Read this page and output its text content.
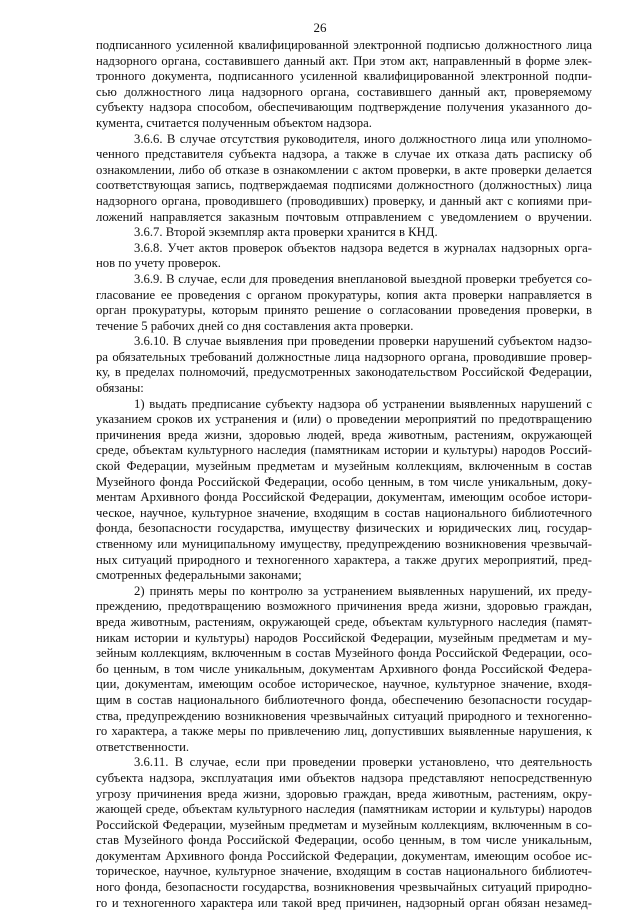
26
подписанного усиленной квалифицированной электронной подписью должностного лица
надзорного органа, составившего данный акт. При этом акт, направленный в форме элек-
тронного документа, подписанного усиленной квалифицированной электронной подпи-
сью должностного лица надзорного органа, составившего данный акт, проверяемому
субъекту надзора способом, обеспечивающим подтверждение получения указанного до-
кумента, считается полученным объектом надзора.
3.6.6. В случае отсутствия руководителя, иного должностного лица или уполномо-
ченного представителя субъекта надзора, а также в случае их отказа дать расписку об
ознакомлении, либо об отказе в ознакомлении с актом проверки, в акте проверки делается
соответствующая запись, подтверждаемая подписями должностного (должностных) лица
надзорного органа, проводившего (проводивших) проверку, и данный акт с копиями при-
ложений направляется заказным почтовым отправлением с уведомлением о вручении.
3.6.7. Второй экземпляр акта проверки хранится в КНД.
3.6.8. Учет актов проверок объектов надзора ведется в журналах надзорных орга-
нов по учету проверок.
3.6.9. В случае, если для проведения внеплановой выездной проверки требуется со-
гласование ее проведения с органом прокуратуры, копия акта проверки направляется в
орган прокуратуры, которым принято решение о согласовании проведения проверки, в
течение 5 рабочих дней со дня составления акта проверки.
3.6.10. В случае выявления при проведении проверки нарушений субъектом надзо-
ра обязательных требований должностные лица надзорного органа, проводившие провер-
ку, в пределах полномочий, предусмотренных законодательством Российской Федерации,
обязаны:
1) выдать предписание субъекту надзора об устранении выявленных нарушений с
указанием сроков их устранения и (или) о проведении мероприятий по предотвращению
причинения вреда жизни, здоровью людей, вреда животным, растениям, окружающей
среде, объектам культурного наследия (памятникам истории и культуры) народов Россий-
ской Федерации, музейным предметам и музейным коллекциям, включенным в состав
Музейного фонда Российской Федерации, особо ценным, в том числе уникальным, доку-
ментам Архивного фонда Российской Федерации, документам, имеющим особое истори-
ческое, научное, культурное значение, входящим в состав национального библиотечного
фонда, безопасности государства, имуществу физических и юридических лиц, государ-
ственному или муниципальному имуществу, предупреждению возникновения чрезвычай-
ных ситуаций природного и техногенного характера, а также других мероприятий, пред-
смотренных федеральными законами;
2) принять меры по контролю за устранением выявленных нарушений, их преду-
преждению, предотвращению возможного причинения вреда жизни, здоровью граждан,
вреда животным, растениям, окружающей среде, объектам культурного наследия (памят-
никам истории и культуры) народов Российской Федерации, музейным предметам и му-
зейным коллекциям, включенным в состав Музейного фонда Российской Федерации, осо-
бо ценным, в том числе уникальным, документам Архивного фонда Российской Федера-
ции, документам, имеющим особое историческое, научное, культурное значение, входя-
щим в состав национального библиотечного фонда, обеспечению безопасности государ-
ства, предупреждению возникновения чрезвычайных ситуаций природного и техногенно-
го характера, а также меры по привлечению лиц, допустивших выявленные нарушения, к
ответственности.
3.6.11. В случае, если при проведении проверки установлено, что деятельность
субъекта надзора, эксплуатация ими объектов надзора представляют непосредственную
угрозу причинения вреда жизни, здоровью граждан, вреда животным, растениям, окру-
жающей среде, объектам культурного наследия (памятникам истории и культуры) народов
Российской Федерации, музейным предметам и музейным коллекциям, включенным в со-
став Музейного фонда Российской Федерации, особо ценным, в том числе уникальным,
документам Архивного фонда Российской Федерации, документам, имеющим особое ис-
торическое, научное, культурное значение, входящим в состав национального библиотеч-
ного фонда, безопасности государства, возникновения чрезвычайных ситуаций природно-
го и техногенного характера или такой вред причинен, надзорный орган обязан незамед-
